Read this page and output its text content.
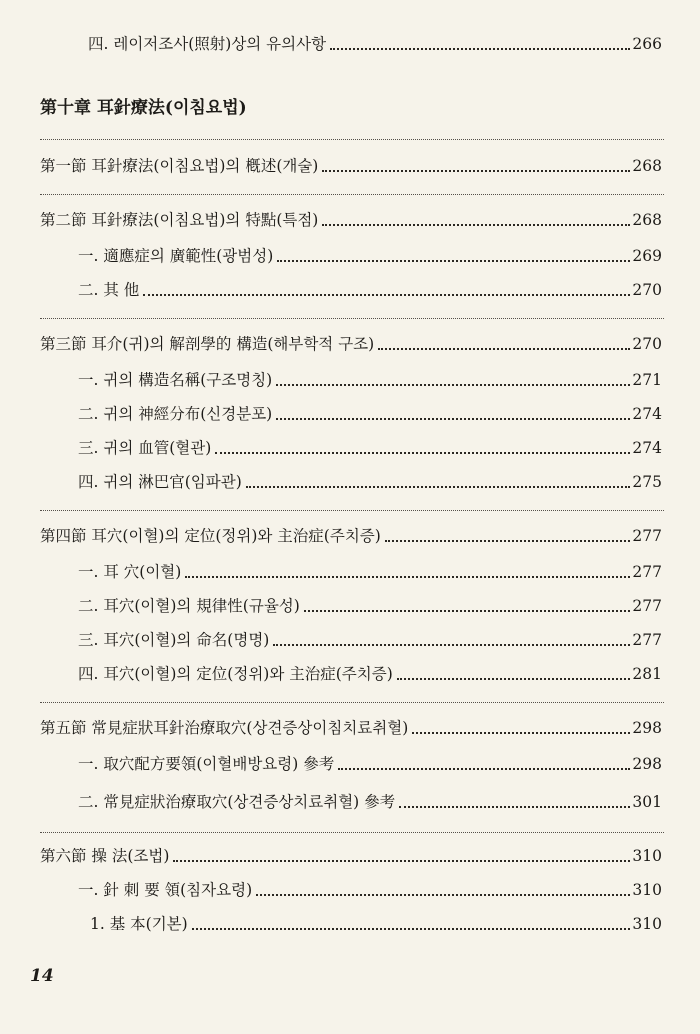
四. 레이저조사(照射)상의 유의사항	266
第十章 耳針療法(이침요법)
第一節 耳針療法(이침요법)의 槪述(개술)	268
第二節 耳針療法(이침요법)의 特點(특점)	268
一. 適應症의 廣範性(광범성)	269
二. 其 他	270
第三節 耳介(귀)의 解剖學的 構造(해부학적 구조)	270
一. 귀의 構造名稱(구조명칭)	271
二. 귀의 神經分布(신경분포)	274
三. 귀의 血管(혈관)	274
四. 귀의 淋巴官(임파관)	275
第四節 耳穴(이혈)의 定位(정위)와 主治症(주치증)	277
一. 耳 穴(이혈)	277
二. 耳穴(이혈)의 規律性(규율성)	277
三. 耳穴(이혈)의 命名(명명)	277
四. 耳穴(이혈)의 定位(정위)와 主治症(주치증)	281
第五節 常見症狀耳針治療取穴(상견증상이침치료취혈)	298
一. 取穴配方要領(이혈배방요령) 參考	298
二. 常見症狀治療取穴(상견증상치료취혈) 參考	301
第六節 操 法(조법)	310
一. 針 刺 要 領(침자요령)	310
1. 基 本(기본)	310
14
